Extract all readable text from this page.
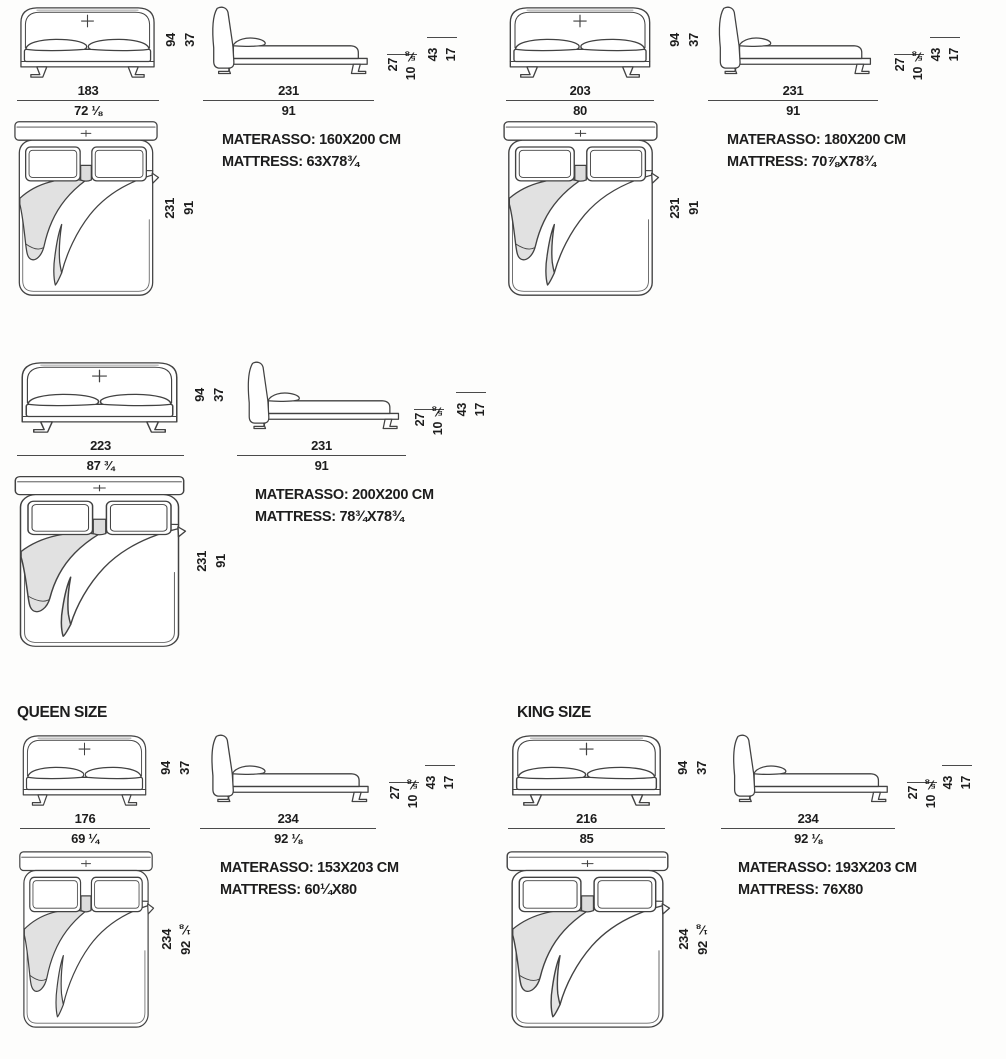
94 37
183
72 ⅛
231
91
27 10 ⅝ 43 17
231 91
MATERASSO: 160X200 CM
MATTRESS: 63X78¾
94 37
203
80
231
91
27 10 ⅝ 43 17
231 91
MATERASSO: 180X200 CM
MATTRESS: 70⅞X78¾
94 37
223
87 ¾
231
91
27 10 ⅝ 43 17
231 91
MATERASSO: 200X200 CM
MATTRESS: 78¾X78¾
QUEEN SIZE
94 37
176
69 ¼
234
92 ⅛
27 10 ⅝ 43 17
234 92 ⅛
MATERASSO: 153X203 CM
MATTRESS: 60¼X80
KING SIZE
94 37
216
85
234
92 ⅛
27 10 ⅝ 43 17
234 92 ⅛
MATERASSO: 193X203 CM
MATTRESS: 76X80
